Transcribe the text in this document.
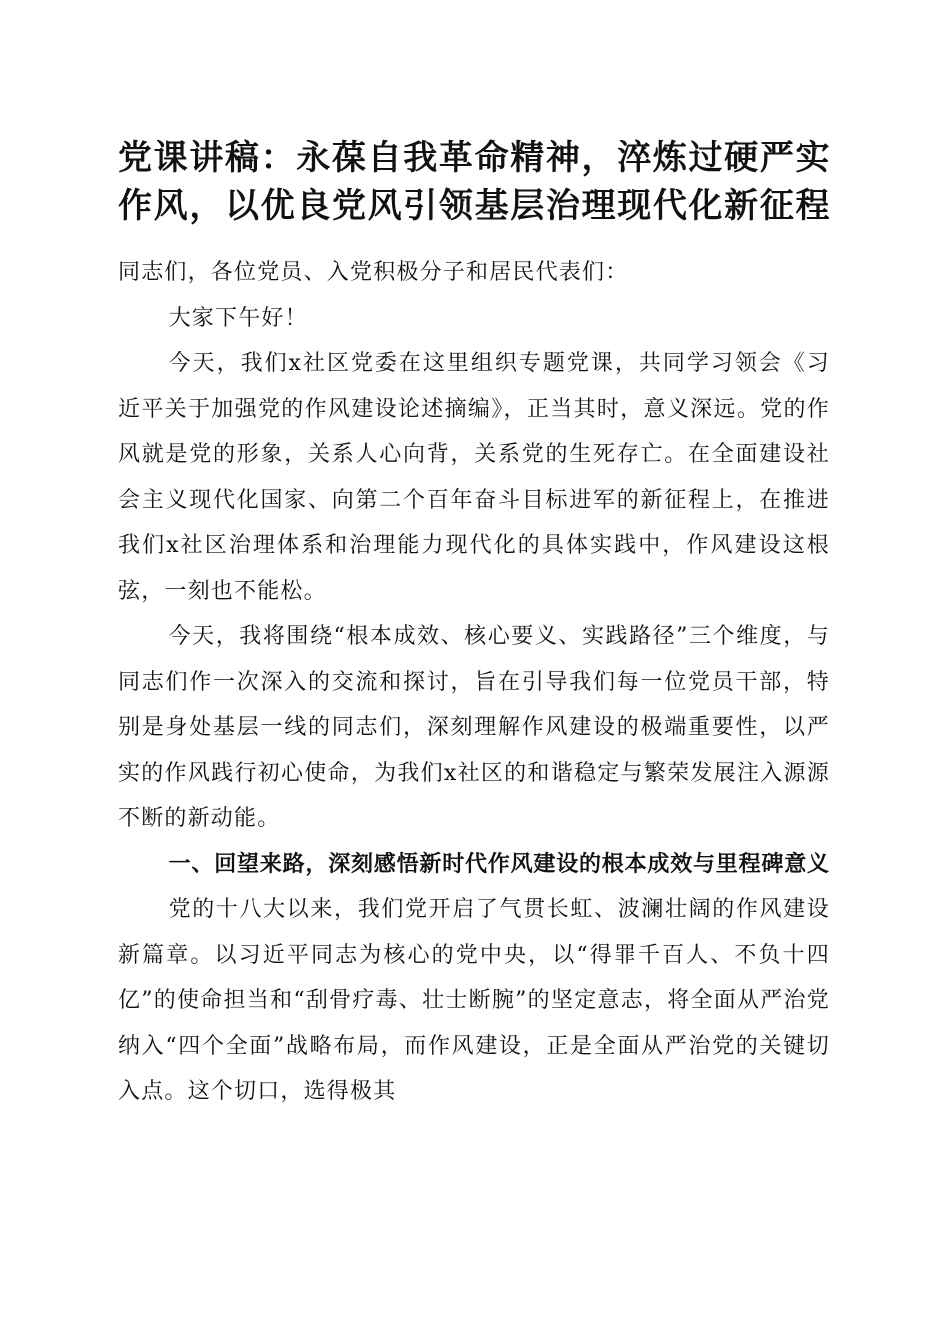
党课讲稿：永葆自我革命精神，淬炼过硬严实
作风，以优良党风引领基层治理现代化新征程

同志们，各位党员、入党积极分子和居民代表们：

大家下午好！

今天，我们x社区党委在这里组织专题党课，共同学习领会《习近平关于加强党的作风建设论述摘编》，正当其时，意义深远。党的作风就是党的形象，关系人心向背，关系党的生死存亡。在全面建设社会主义现代化国家、向第二个百年奋斗目标进军的新征程上，在推进我们x社区治理体系和治理能力现代化的具体实践中，作风建设这根弦，一刻也不能松。

今天，我将围绕“根本成效、核心要义、实践路径”三个维度，与同志们作一次深入的交流和探讨，旨在引导我们每一位党员干部，特别是身处基层一线的同志们，深刻理解作风建设的极端重要性，以严实的作风践行初心使命，为我们x社区的和谐稳定与繁荣发展注入源源不断的新动能。

一、回望来路，深刻感悟新时代作风建设的根本成效与里程碑意义

党的十八大以来，我们党开启了气贯长虹、波澜壮阔的作风建设新篇章。以习近平同志为核心的党中央，以“得罪千百人、不负十四亿”的使命担当和“刮骨疗毒、壮士断腕”的坚定意志，将全面从严治党纳入“四个全面”战略布局，而作风建设，正是全面从严治党的关键切入点。这个切口，选得极其
